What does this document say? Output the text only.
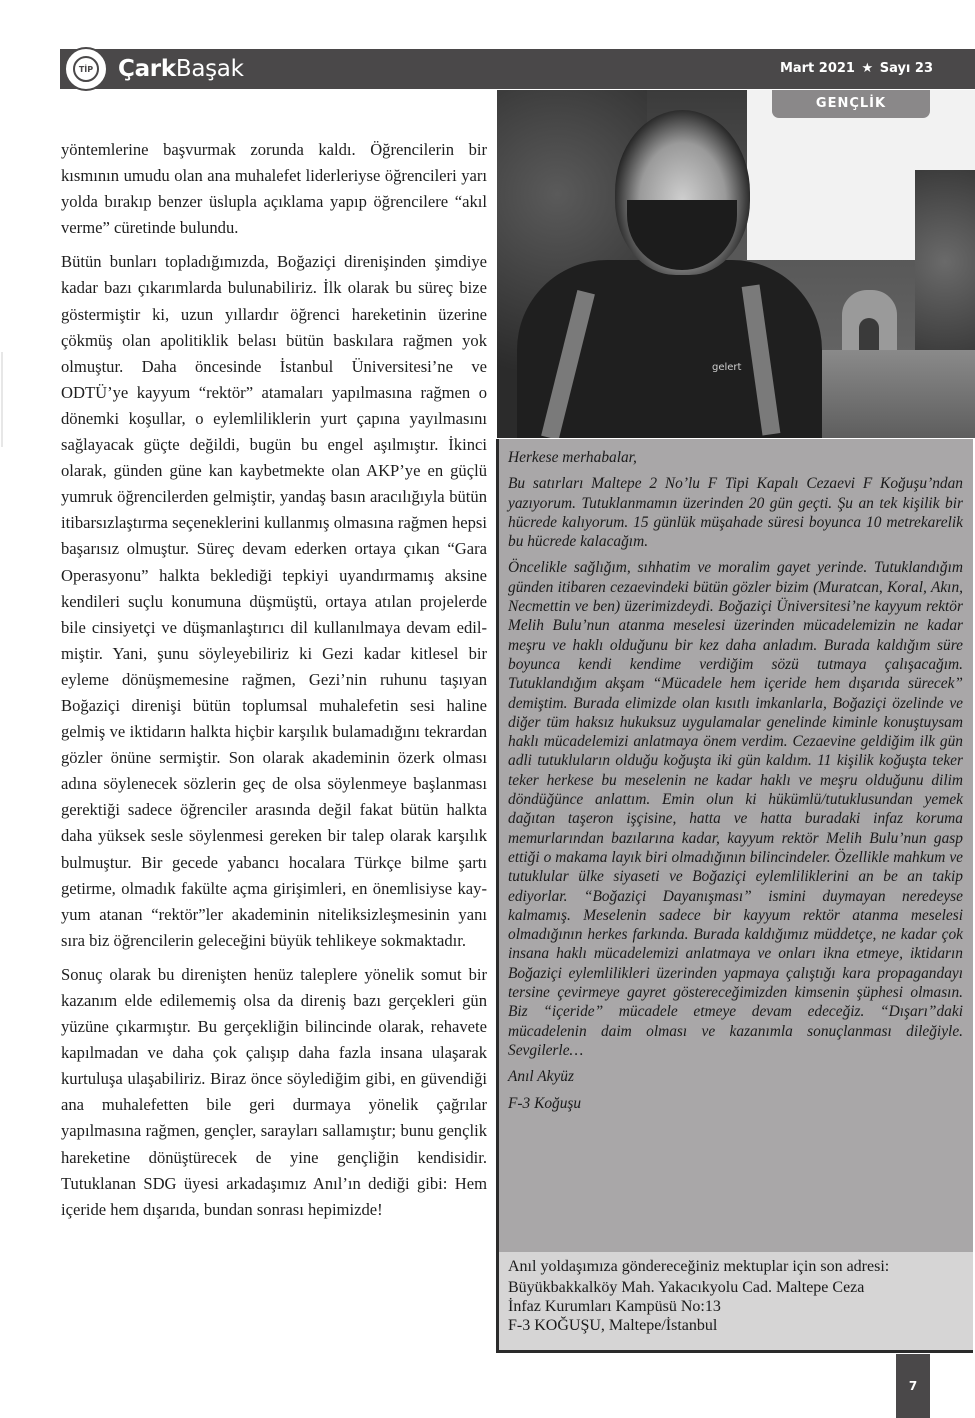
TİP ÇarkBaşak	Mart 2021 ★ Sayı 23
gelert
GENÇLİK

yöntemlerine başvurmak zorunda kaldı. Öğrencilerin bir kısmının umudu olan ana muhalefet liderleriyse öğrencileri yarı yolda bırakıp benzer üslupla açıklama yapıp öğrencilere “akıl verme” cüretinde bulundu.

Bütün bunları topladığımızda, Boğaziçi direnişinden şimdiye kadar bazı çıkarımlarda bulunabiliriz. İlk olarak bu süreç bize göstermiştir ki, uzun yıllardır öğrenci hareketinin üzerine çökmüş olan apolitiklik belası bütün baskılara rağmen yok olmuştur. Daha öncesinde İstanbul Üniversitesi’ne ve ODTÜ’ye kayyum “rektör” atamaları yapılmasına rağmen o dönemki koşullar, o eylemliliklerin yurt çapına yayılmasını sağlayacak güçte değildi, bugün bu engel aşılmıştır. İkinci olarak, günden güne kan kaybetmekte olan AKP’ye en güçlü yumruk öğrencilerden gelmiştir, yandaş basın aracılığıyla bütün itibarsızlaştırma seçeneklerini kullanmış olmasına rağmen hepsi başarısız olmuştur. Süreç devam ederken ortaya çıkan “Gara Operasyonu” halkta beklediği tepkiyi uyandırmamış aksine kendileri suçlu konumuna düşmüştü, ortaya atılan projelerde bile cinsiyetçi ve düşmanlaştırıcı dil kullanılmaya devam edilmiştir. Yani, şunu söyleyebiliriz ki Gezi kadar kitlesel bir eyleme dönüşmemesine rağmen, Gezi’nin ruhunu taşıyan Boğaziçi direnişi bütün toplumsal muhalefetin sesi haline gelmiş ve iktidarın halkta hiçbir karşılık bulamadığını tekrardan gözler önüne sermiştir. Son olarak akademinin özerk olması adına söylenecek sözlerin geç de olsa söylenmeye başlanması gerektiği sadece öğrenciler arasında değil fakat bütün halkta daha yüksek sesle söylenmesi gereken bir talep olarak karşılık bulmuştur. Bir gecede yabancı hocalara Türkçe bilme şartı getirme, olmadık fakülte açma girişimleri, en önemlisiyse kayyum atanan “rektör”ler akademinin niteliksizleşmesinin yanı sıra biz öğrencilerin geleceğini büyük tehlikeye sokmaktadır.

Sonuç olarak bu direnişten henüz taleplere yönelik somut bir kazanım elde edilememiş olsa da direniş bazı gerçekleri gün yüzüne çıkarmıştır. Bu gerçekliğin bilincinde olarak, rehavete kapılmadan ve daha çok çalışıp daha fazla insana ulaşarak kurtuluşa ulaşabiliriz. Biraz önce söylediğim gibi, en güvendiği ana muhalefetten bile geri durmaya yönelik çağrılar yapılmasına rağmen, gençler, sarayları sallamıştır; bunu gençlik hareketine dönüştürecek de yine gençliğin kendisidir. Tutuklanan SDG üyesi arkadaşımız Anıl’ın dediği gibi: Hem içeride hem dışarıda, bundan sonrası hepimizde!

Herkese merhabalar,

Bu satırları Maltepe 2 No’lu F Tipi Kapalı Cezaevi F Koğuşu’ndan yazıyorum. Tutuklanmamın üzerinden 20 gün geçti. Şu an tek kişilik bir hücrede kalıyorum. 15 günlük müşahade süresi boyunca 10 metrekarelik bu hücrede kalacağım.

Öncelikle sağlığım, sıhhatim ve moralim gayet yerinde. Tutuklandığım günden itibaren cezaevindeki bütün gözler bizim (Muratcan, Koral, Akın, Necmettin ve ben) üzerimizdeydi. Boğaziçi Üniversitesi’ne kayyum rektör Melih Bulu’nun atanma meselesi üzerinden mücadelemizin ne kadar meşru ve haklı olduğunu bir kez daha anladım. Burada kaldığım süre boyunca kendi kendime verdiğim sözü tutmaya çalışacağım. Tutuklandığım akşam “Mücadele hem içeride hem dışarıda sürecek” demiştim. Burada elimizde olan kısıtlı imkanlarla, Boğaziçi özelinde ve diğer tüm haksız hukuksuz uygulamalar genelinde kiminle konuştuysam haklı mücadelemizi anlatmaya önem verdim. Cezaevine geldiğim ilk gün adli tutukluların olduğu koğuşta iki gün kaldım. 11 kişilik koğuşta teker teker herkese bu meselenin ne kadar haklı ve meşru olduğunu dilim döndüğünce anlattım. Emin olun ki hükümlü/tutuklusundan yemek dağıtan taşeron işçisine, hatta ve hatta buradaki infaz koruma memurlarından bazılarına kadar, kayyum rektör Melih Bulu’nun gasp ettiği o makama layık biri olmadığının bilincindeler. Özellikle mahkum ve tutuklular ülke siyaseti ve Boğaziçi eylemliliklerini an be an takip ediyorlar. “Boğaziçi Dayanışması” ismini duymayan neredeyse kalmamış. Meselenin sadece bir kayyum rektör atanma meselesi olmadığının herkes farkında. Burada kaldığımız müddetçe, ne kadar çok insana haklı mücadelemizi anlatmaya ve onları ikna etmeye, iktidarın Boğaziçi eylemlilikleri üzerinden yapmaya çalıştığı kara propagandayı tersine çevirmeye gayret göstereceğimizden kimsenin şüphesi olmasın. Biz “içeride” mücadele etmeye devam edeceğiz. “Dışarı”daki mücadelenin daim olması ve kazanımla sonuçlanması dileğiyle. Sevgilerle…

Anıl Akyüz

F-3 Koğuşu

Anıl yoldaşımıza göndereceğiniz mektuplar için son adresi:
Büyükbakkalköy Mah. Yakacıkyolu Cad. Maltepe Ceza
İnfaz Kurumları Kampüsü No:13
F-3 KOĞUŞU, Maltepe/İstanbul
7
